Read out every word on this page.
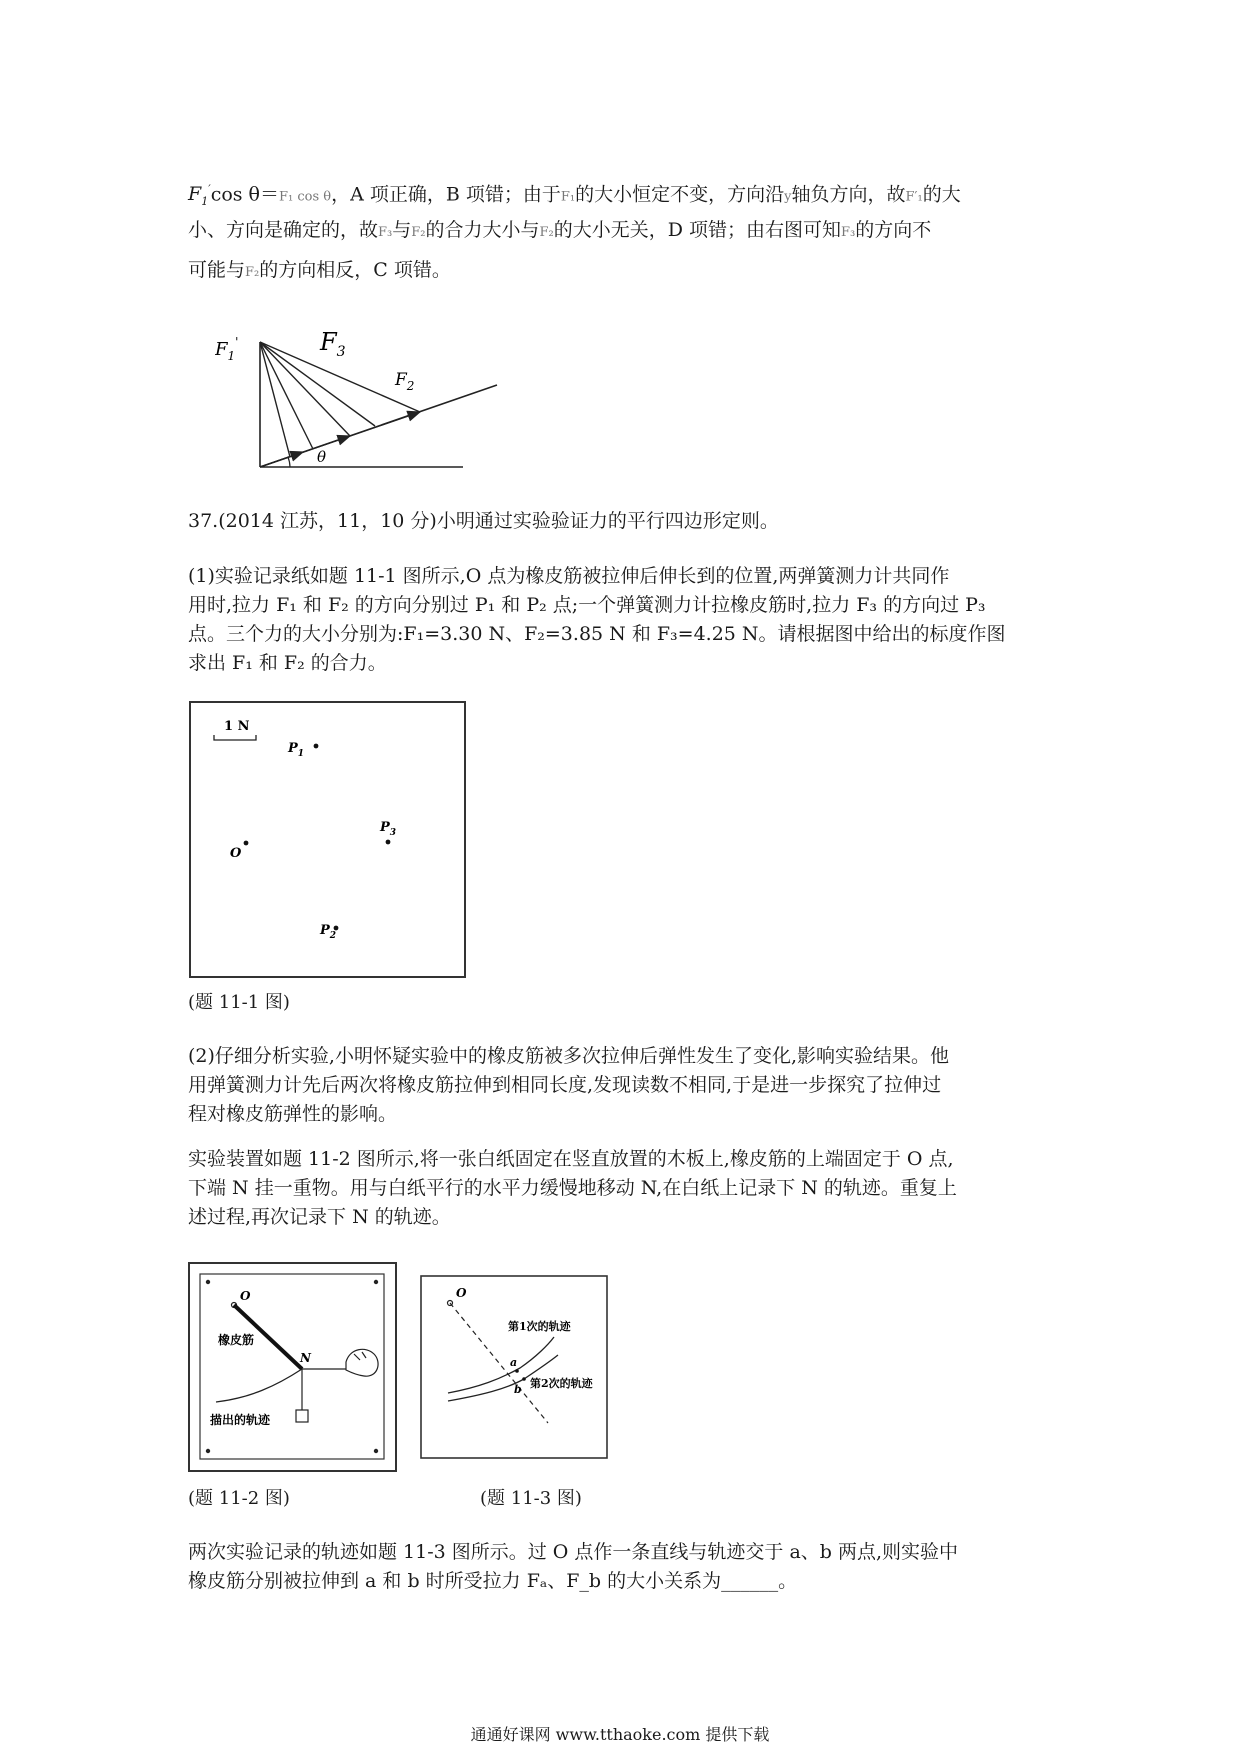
$F_1'\cos$ θ＝F₁ cos θ，A 项正确，B 项错；由于F₁的大小恒定不变，方向沿y轴负方向，故F′₁的大

小、方向是确定的，故F₃与F₂的合力大小与F₂的大小无关，D 项错；由右图可知F₃的方向不

可能与F₂的方向相反，C 项错。

$F_1'$	$F_3$
$F_2$
θ

37.(2014 江苏，11，10 分)小明通过实验验证力的平行四边形定则。

(1)实验记录纸如题 11-1 图所示,O 点为橡皮筋被拉伸后伸长到的位置,两弹簧测力计共同作

用时,拉力 F₁ 和 F₂ 的方向分别过 P₁ 和 P₂ 点;一个弹簧测力计拉橡皮筋时,拉力 F₃ 的方向过 P₃

点。三个力的大小分别为:F₁=3.30 N、F₂=3.85 N 和 F₃=4.25 N。请根据图中给出的标度作图

求出 F₁ 和 F₂ 的合力。

1 N
$P_1$
$P_3$
O
$P_2$
(题 11-1 图)

(2)仔细分析实验,小明怀疑实验中的橡皮筋被多次拉伸后弹性发生了变化,影响实验结果。他

用弹簧测力计先后两次将橡皮筋拉伸到相同长度,发现读数不相同,于是进一步探究了拉伸过

程对橡皮筋弹性的影响。

实验装置如题 11-2 图所示,将一张白纸固定在竖直放置的木板上,橡皮筋的上端固定于 O 点,

下端 N 挂一重物。用与白纸平行的水平力缓慢地移动 N,在白纸上记录下 N 的轨迹。重复上

述过程,再次记录下 N 的轨迹。

O
橡皮筋
N
描出的轨迹
(题 11-2 图)
O
第1次的轨迹
第2次的轨迹
a
b
(题 11-3 图)

两次实验记录的轨迹如题 11-3 图所示。过 O 点作一条直线与轨迹交于 a、b 两点,则实验中

橡皮筋分别被拉伸到 a 和 b 时所受拉力 Fₐ、F_b 的大小关系为______。

通通好课网 www.tthaoke.com 提供下载
